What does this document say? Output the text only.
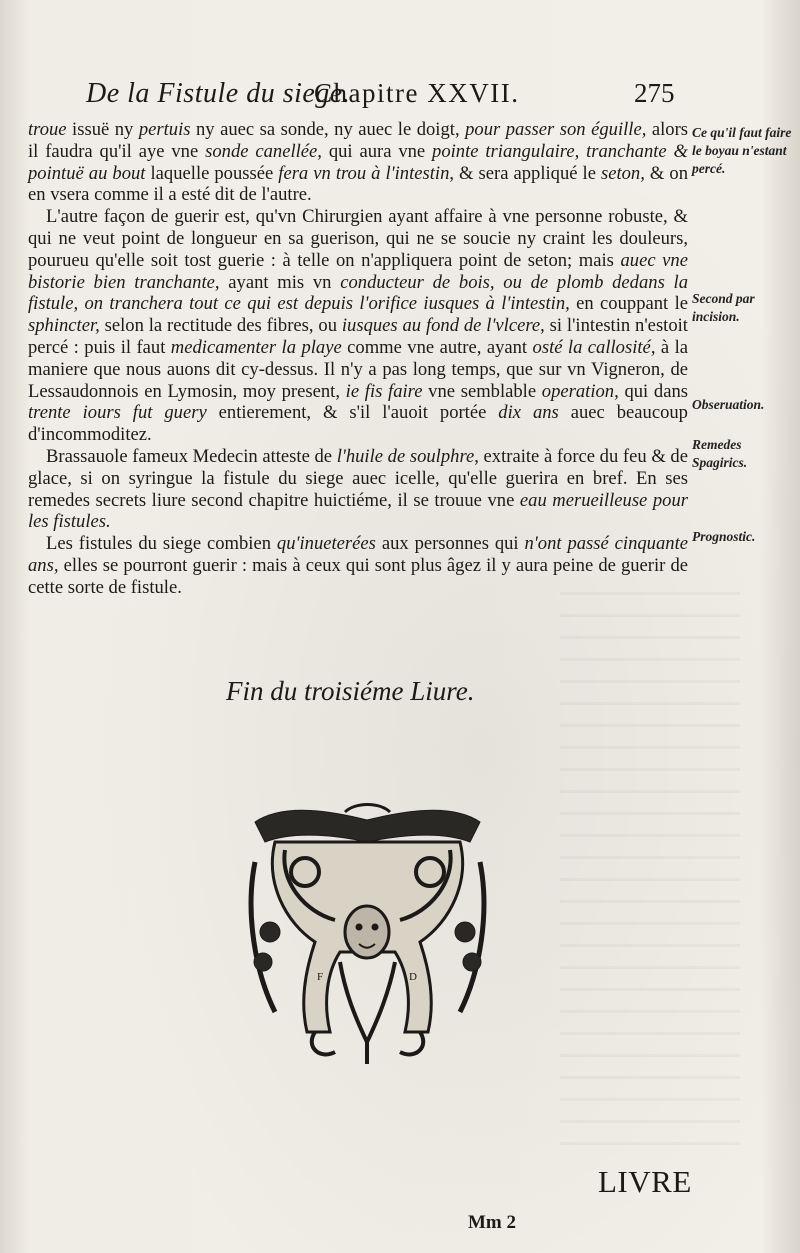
De la Fistule du siege.
Chapitre XXVII.	275

troue issuë ny pertuis ny auec sa sonde, ny auec le doigt, pour passer son éguille, alors il faudra qu'il aye vne sonde canellée, qui aura vne pointe triangulaire, tranchante & pointuë au bout laquelle poussée fera vn trou à l'intestin, & sera appliqué le seton, & on en vsera comme il a esté dit de l'autre.

L'autre façon de guerir est, qu'vn Chirurgien ayant affaire à vne personne robuste, & qui ne veut point de longueur en sa guerison, qui ne se soucie ny craint les douleurs, pourueu qu'elle soit tost guerie : à telle on n'appliquera point de seton; mais auec vne bistorie bien tranchante, ayant mis vn conducteur de bois, ou de plomb dedans la fistule, on tranchera tout ce qui est depuis l'orifice iusques à l'intestin, en couppant le sphincter, selon la rectitude des fibres, ou iusques au fond de l'vlcere, si l'intestin n'estoit percé : puis il faut medicamenter la playe comme vne autre, ayant osté la callosité, à la maniere que nous auons dit cy-dessus. Il n'y a pas long temps, que sur vn Vigneron, de Lessaudonnois en Lymosin, moy present, ie fis faire vne semblable operation, qui dans trente iours fut guery entierement, & s'il l'auoit portée dix ans auec beaucoup d'incommoditez.

Brassauole fameux Medecin atteste de l'huile de soulphre, extraite à force du feu & de glace, si on syringue la fistule du siege auec icelle, qu'elle guerira en bref. En ses remedes secrets liure second chapitre huictiéme, il se trouue vne eau merueilleuse pour les fistules.

Les fistules du siege combien qu'inueterées aux personnes qui n'ont passé cinquante ans, elles se pourront guerir : mais à ceux qui sont plus âgez il y aura peine de guerir de cette sorte de fistule.

Ce qu'il faut faire le boyau n'estant percé.
Second par incision.
Obseruation.
Remedes Spagirics.
Prognostic.
Fin du troisiéme Liure.
F	D
LIVRE
Mm 2
